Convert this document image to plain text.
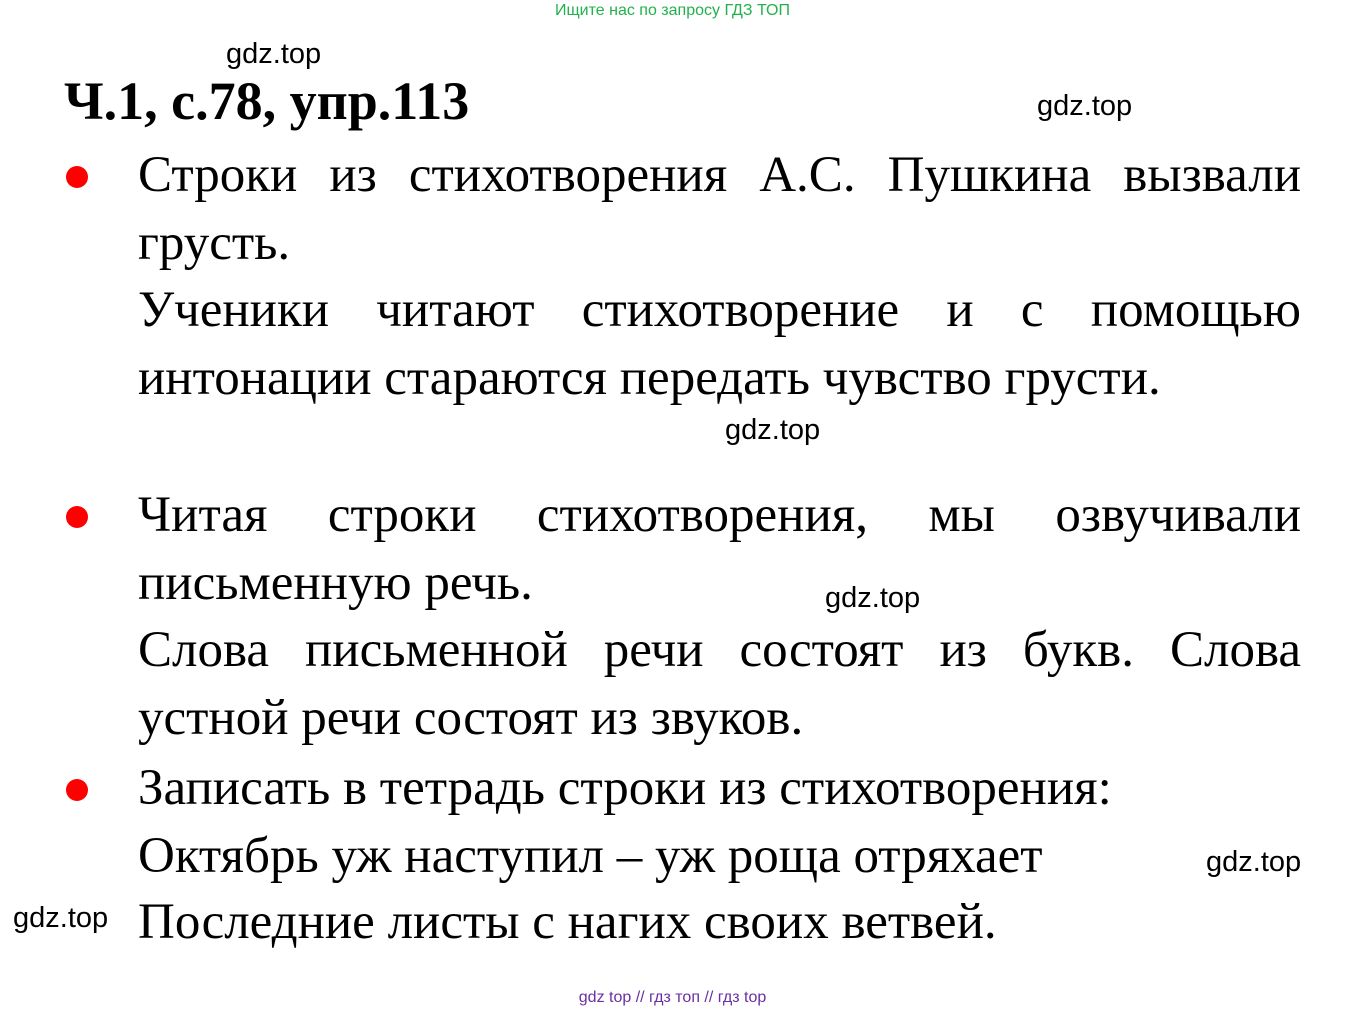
Ищите нас по запросу ГДЗ ТОП
gdz.top
gdz.top
gdz.top
gdz.top
gdz.top
gdz.top
Ч.1, с.78, упр.113

Строки из стихотворения А.С. Пушкина вызвали грусть.

Ученики читают стихотворение и с помощью интонации стараются передать чувство грусти.

Читая строки стихотворения, мы озвучивали письменную речь.

Слова письменной речи состоят из букв. Слова устной речи состоят из звуков.

Записать в тетрадь строки из стихотворения:

Октябрь уж наступил – уж роща отряхает

Последние листы с нагих своих ветвей.

gdz top // гдз топ // гдз top
